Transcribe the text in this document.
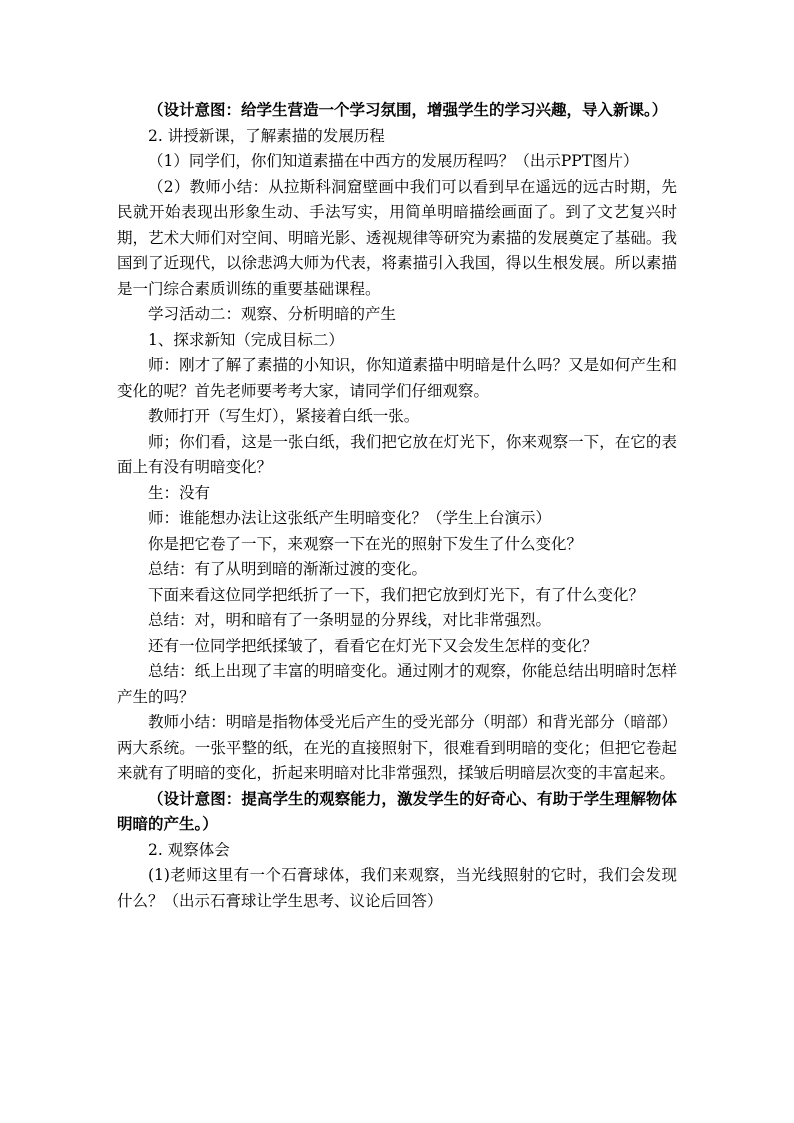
（设计意图：给学生营造一个学习氛围，增强学生的学习兴趣，导入新课。）

2. 讲授新课，了解素描的发展历程

（1）同学们，你们知道素描在中西方的发展历程吗？（出示PPT图片）

（2）教师小结：从拉斯科洞窟壁画中我们可以看到早在遥远的远古时期，先民就开始表现出形象生动、手法写实，用简单明暗描绘画面了。到了文艺复兴时期，艺术大师们对空间、明暗光影、透视规律等研究为素描的发展奠定了基础。我国到了近现代，以徐悲鸿大师为代表，将素描引入我国，得以生根发展。所以素描是一门综合素质训练的重要基础课程。

学习活动二：观察、分析明暗的产生

1、探求新知（完成目标二）

师：刚才了解了素描的小知识，你知道素描中明暗是什么吗？又是如何产生和变化的呢？首先老师要考考大家，请同学们仔细观察。

教师打开（写生灯），紧接着白纸一张。

师；你们看，这是一张白纸，我们把它放在灯光下，你来观察一下，在它的表面上有没有明暗变化？

生：没有

师：谁能想办法让这张纸产生明暗变化？（学生上台演示）

你是把它卷了一下，来观察一下在光的照射下发生了什么变化？

总结：有了从明到暗的渐渐过渡的变化。

下面来看这位同学把纸折了一下，我们把它放到灯光下，有了什么变化？

总结：对，明和暗有了一条明显的分界线，对比非常强烈。

还有一位同学把纸揉皱了，看看它在灯光下又会发生怎样的变化？

总结：纸上出现了丰富的明暗变化。通过刚才的观察，你能总结出明暗时怎样产生的吗？

教师小结：明暗是指物体受光后产生的受光部分（明部）和背光部分（暗部）两大系统。一张平整的纸，在光的直接照射下，很难看到明暗的变化；但把它卷起来就有了明暗的变化，折起来明暗对比非常强烈，揉皱后明暗层次变的丰富起来。

（设计意图：提高学生的观察能力，激发学生的好奇心、有助于学生理解物体明暗的产生。）

2. 观察体会

(1)老师这里有一个石膏球体，我们来观察，当光线照射的它时，我们会发现什么？（出示石膏球让学生思考、议论后回答）
